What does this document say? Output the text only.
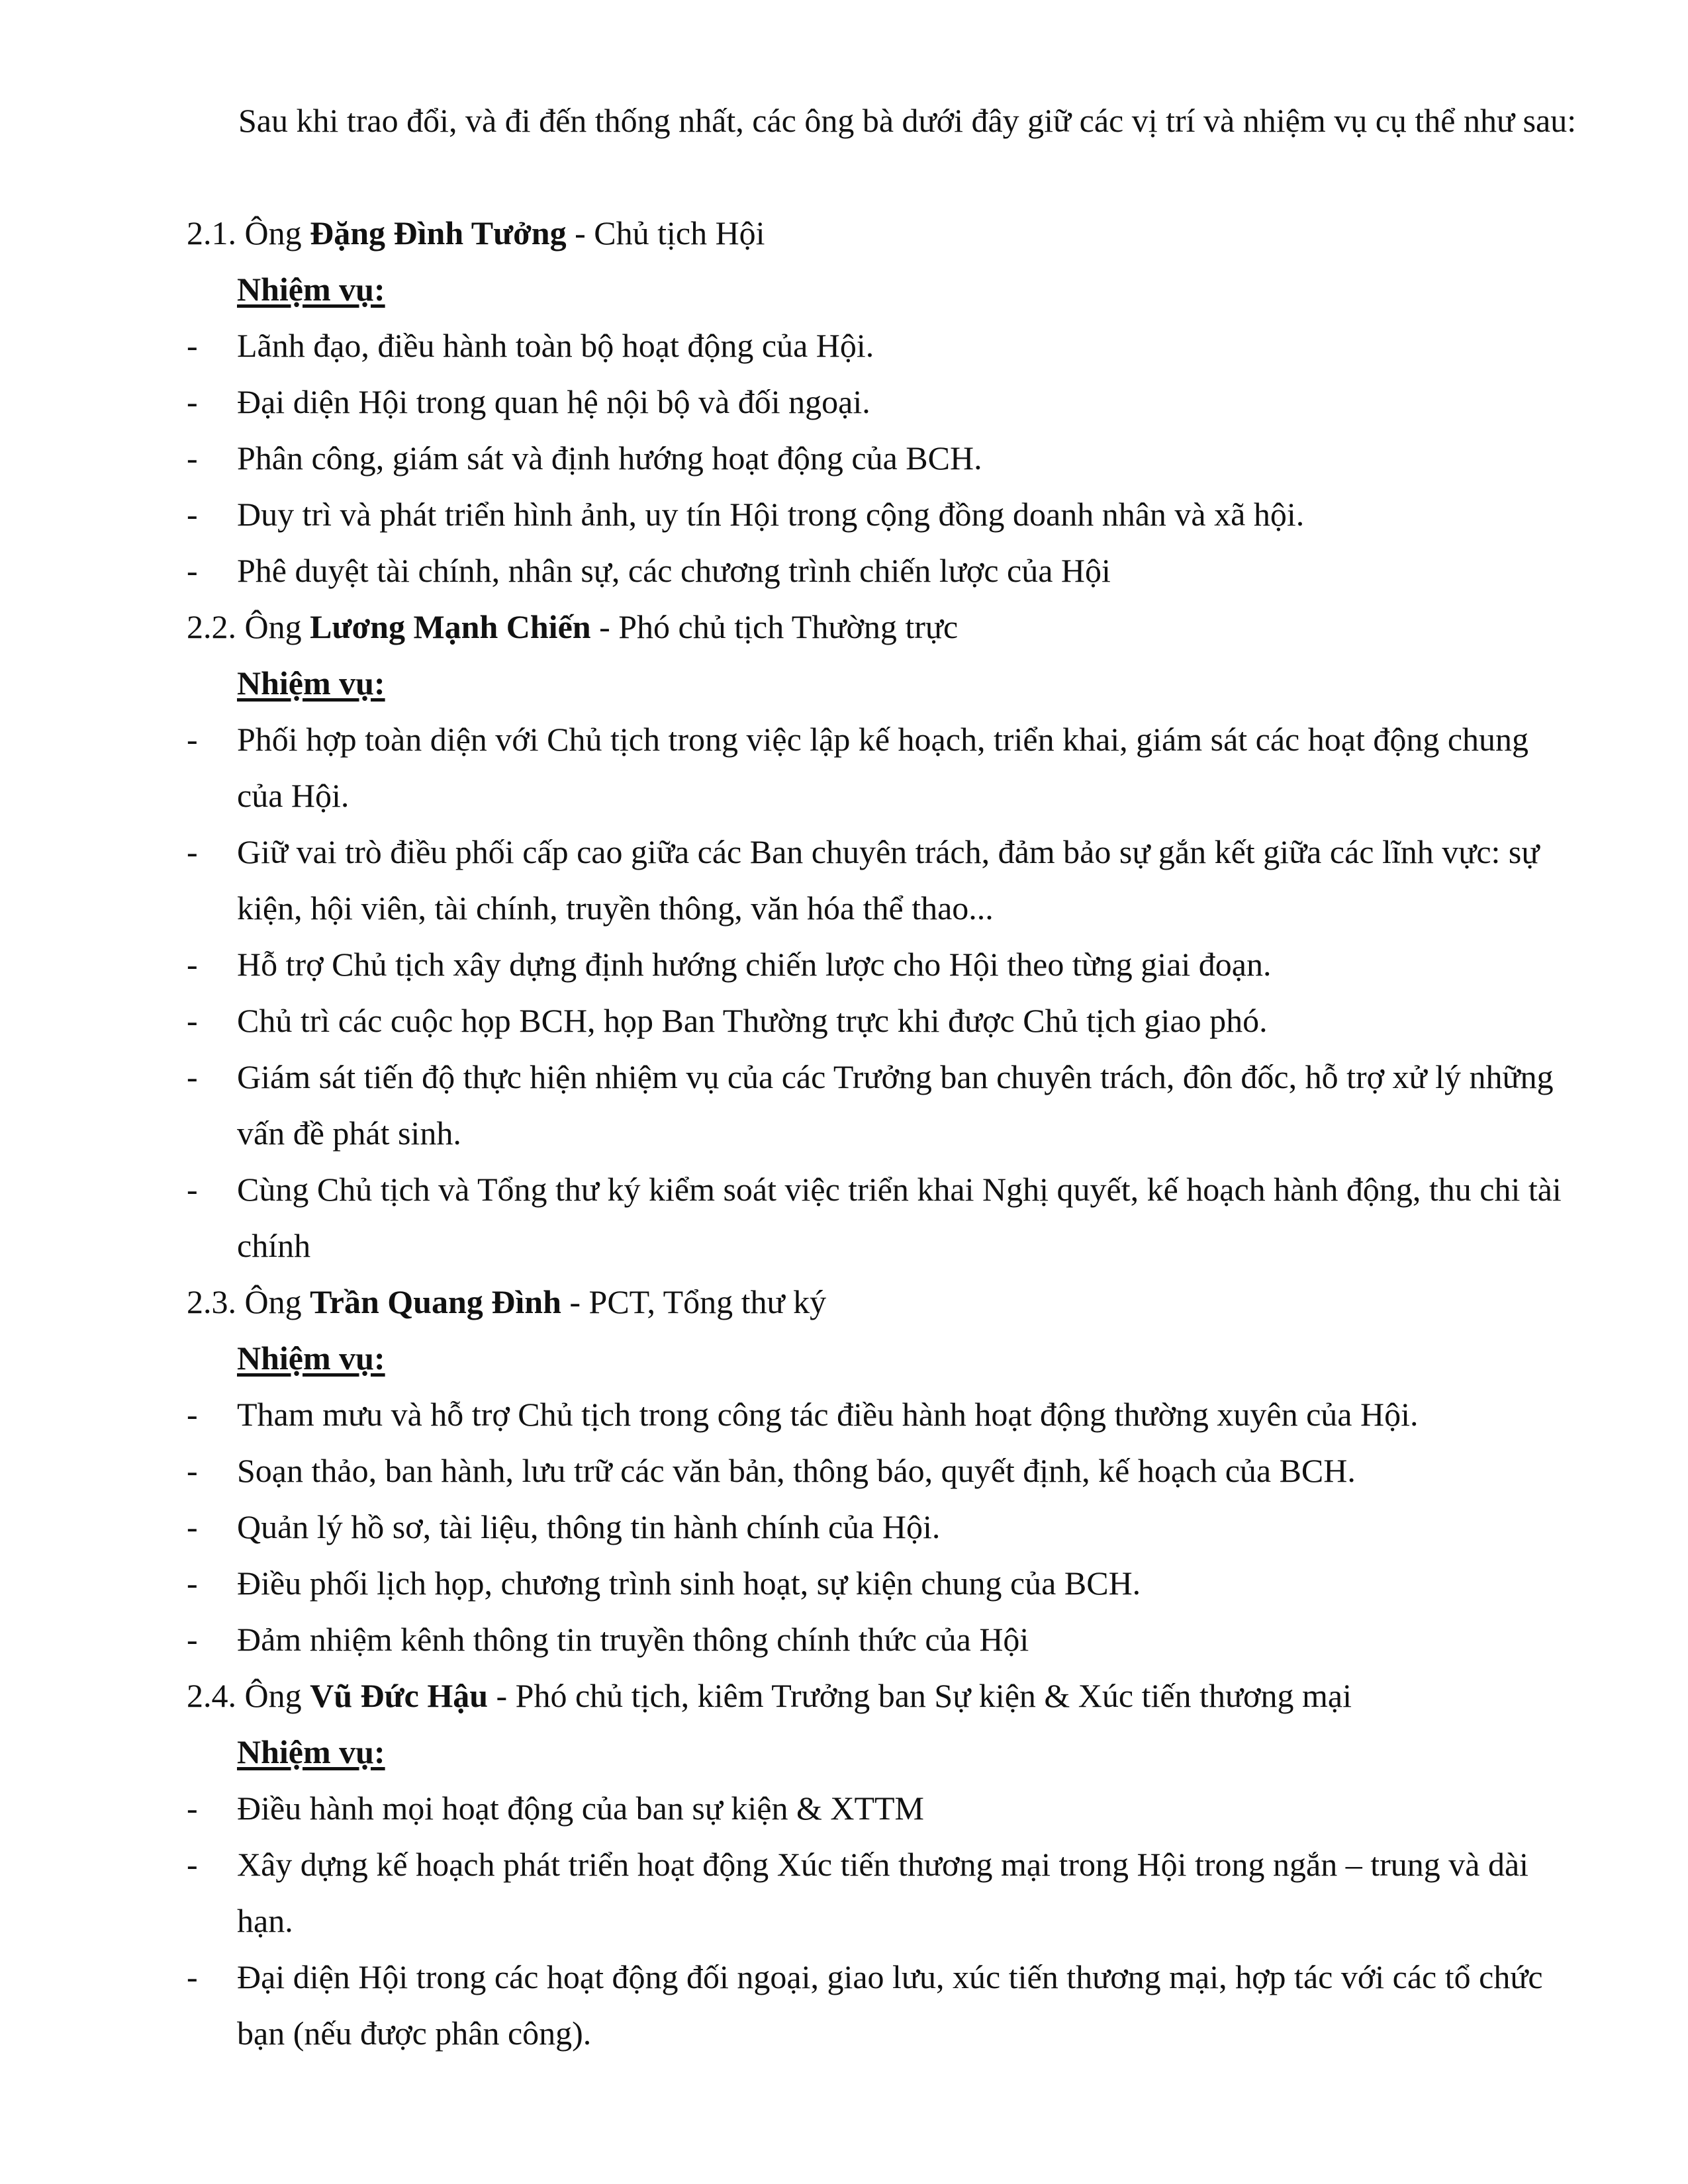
Sau khi trao đổi, và đi đến thống nhất, các ông bà dưới đây giữ các vị trí và nhiệm vụ cụ thể như sau:

2.1. Ông Đặng Đình Tưởng - Chủ tịch Hội

Nhiệm vụ:

- Lãnh đạo, điều hành toàn bộ hoạt động của Hội.
- Đại diện Hội trong quan hệ nội bộ và đối ngoại.
- Phân công, giám sát và định hướng hoạt động của BCH.
- Duy trì và phát triển hình ảnh, uy tín Hội trong cộng đồng doanh nhân và xã hội.
- Phê duyệt tài chính, nhân sự, các chương trình chiến lược của Hội

2.2. Ông Lương Mạnh Chiến - Phó chủ tịch Thường trực

Nhiệm vụ:

- Phối hợp toàn diện với Chủ tịch trong việc lập kế hoạch, triển khai, giám sát các hoạt động chung của Hội.
- Giữ vai trò điều phối cấp cao giữa các Ban chuyên trách, đảm bảo sự gắn kết giữa các lĩnh vực: sự kiện, hội viên, tài chính, truyền thông, văn hóa thể thao...
- Hỗ trợ Chủ tịch xây dựng định hướng chiến lược cho Hội theo từng giai đoạn.
- Chủ trì các cuộc họp BCH, họp Ban Thường trực khi được Chủ tịch giao phó.
- Giám sát tiến độ thực hiện nhiệm vụ của các Trưởng ban chuyên trách, đôn đốc, hỗ trợ xử lý những vấn đề phát sinh.
- Cùng Chủ tịch và Tổng thư ký kiểm soát việc triển khai Nghị quyết, kế hoạch hành động, thu chi tài chính

2.3. Ông Trần Quang Đình - PCT, Tổng thư ký

Nhiệm vụ:

- Tham mưu và hỗ trợ Chủ tịch trong công tác điều hành hoạt động thường xuyên của Hội.
- Soạn thảo, ban hành, lưu trữ các văn bản, thông báo, quyết định, kế hoạch của BCH.
- Quản lý hồ sơ, tài liệu, thông tin hành chính của Hội.
- Điều phối lịch họp, chương trình sinh hoạt, sự kiện chung của BCH.
- Đảm nhiệm kênh thông tin truyền thông chính thức của Hội

2.4. Ông Vũ Đức Hậu - Phó chủ tịch, kiêm Trưởng ban Sự kiện & Xúc tiến thương mại

Nhiệm vụ:

- Điều hành mọi hoạt động của ban sự kiện & XTTM
- Xây dựng kế hoạch phát triển hoạt động Xúc tiến thương mại trong Hội trong ngắn – trung và dài hạn.
- Đại diện Hội trong các hoạt động đối ngoại, giao lưu, xúc tiến thương mại, hợp tác với các tổ chức bạn (nếu được phân công).
